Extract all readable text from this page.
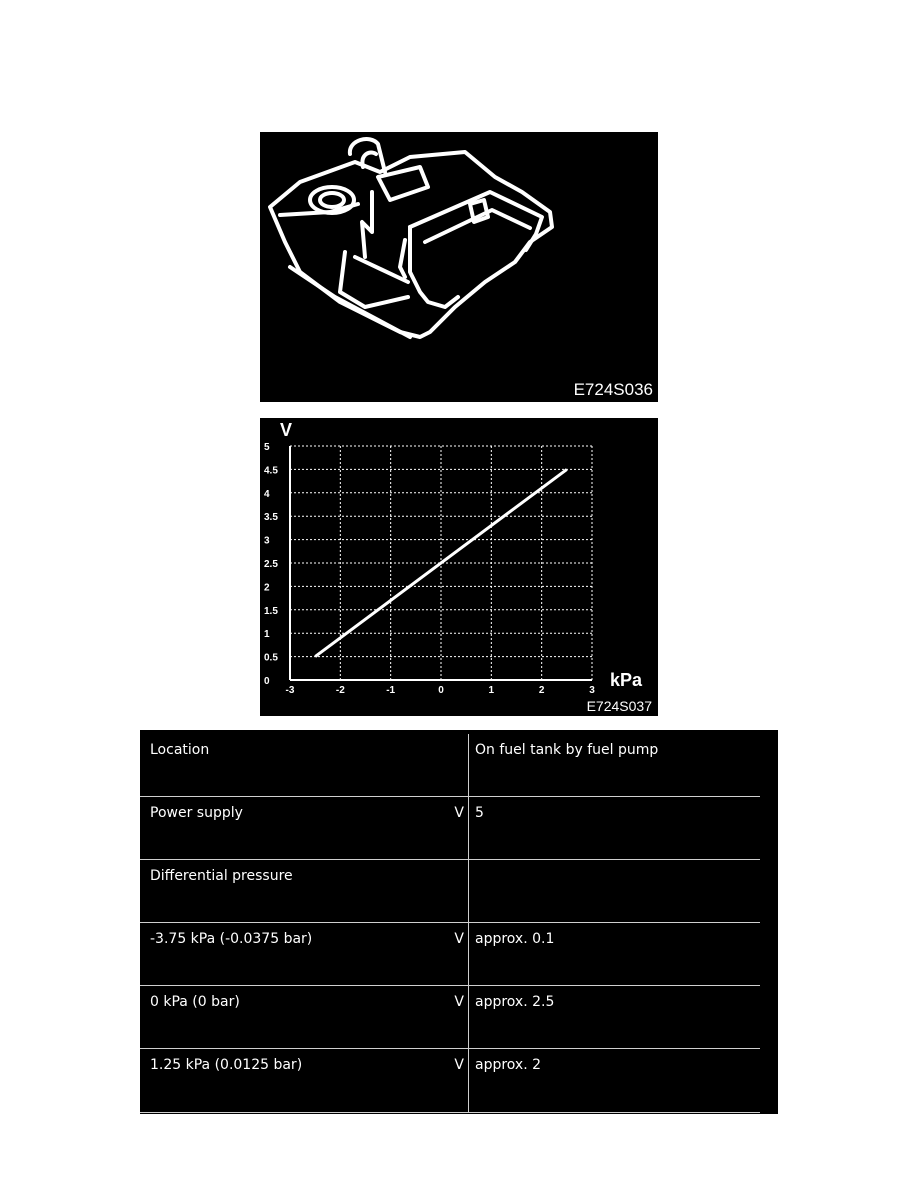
E724S036
0
0.5
1
1.5
2
2.5
3
3.5
4
4.5
5
-3	-2	-1	0	1	2	3
V
kPa
E724S037
Location		On fuel tank by fuel pump
Power supply	V	5
Differential pressure		
-3.75 kPa (-0.0375 bar)	V	approx. 0.1
0 kPa (0 bar)	V	approx. 2.5
1.25 kPa (0.0125 bar)	V	approx. 2
